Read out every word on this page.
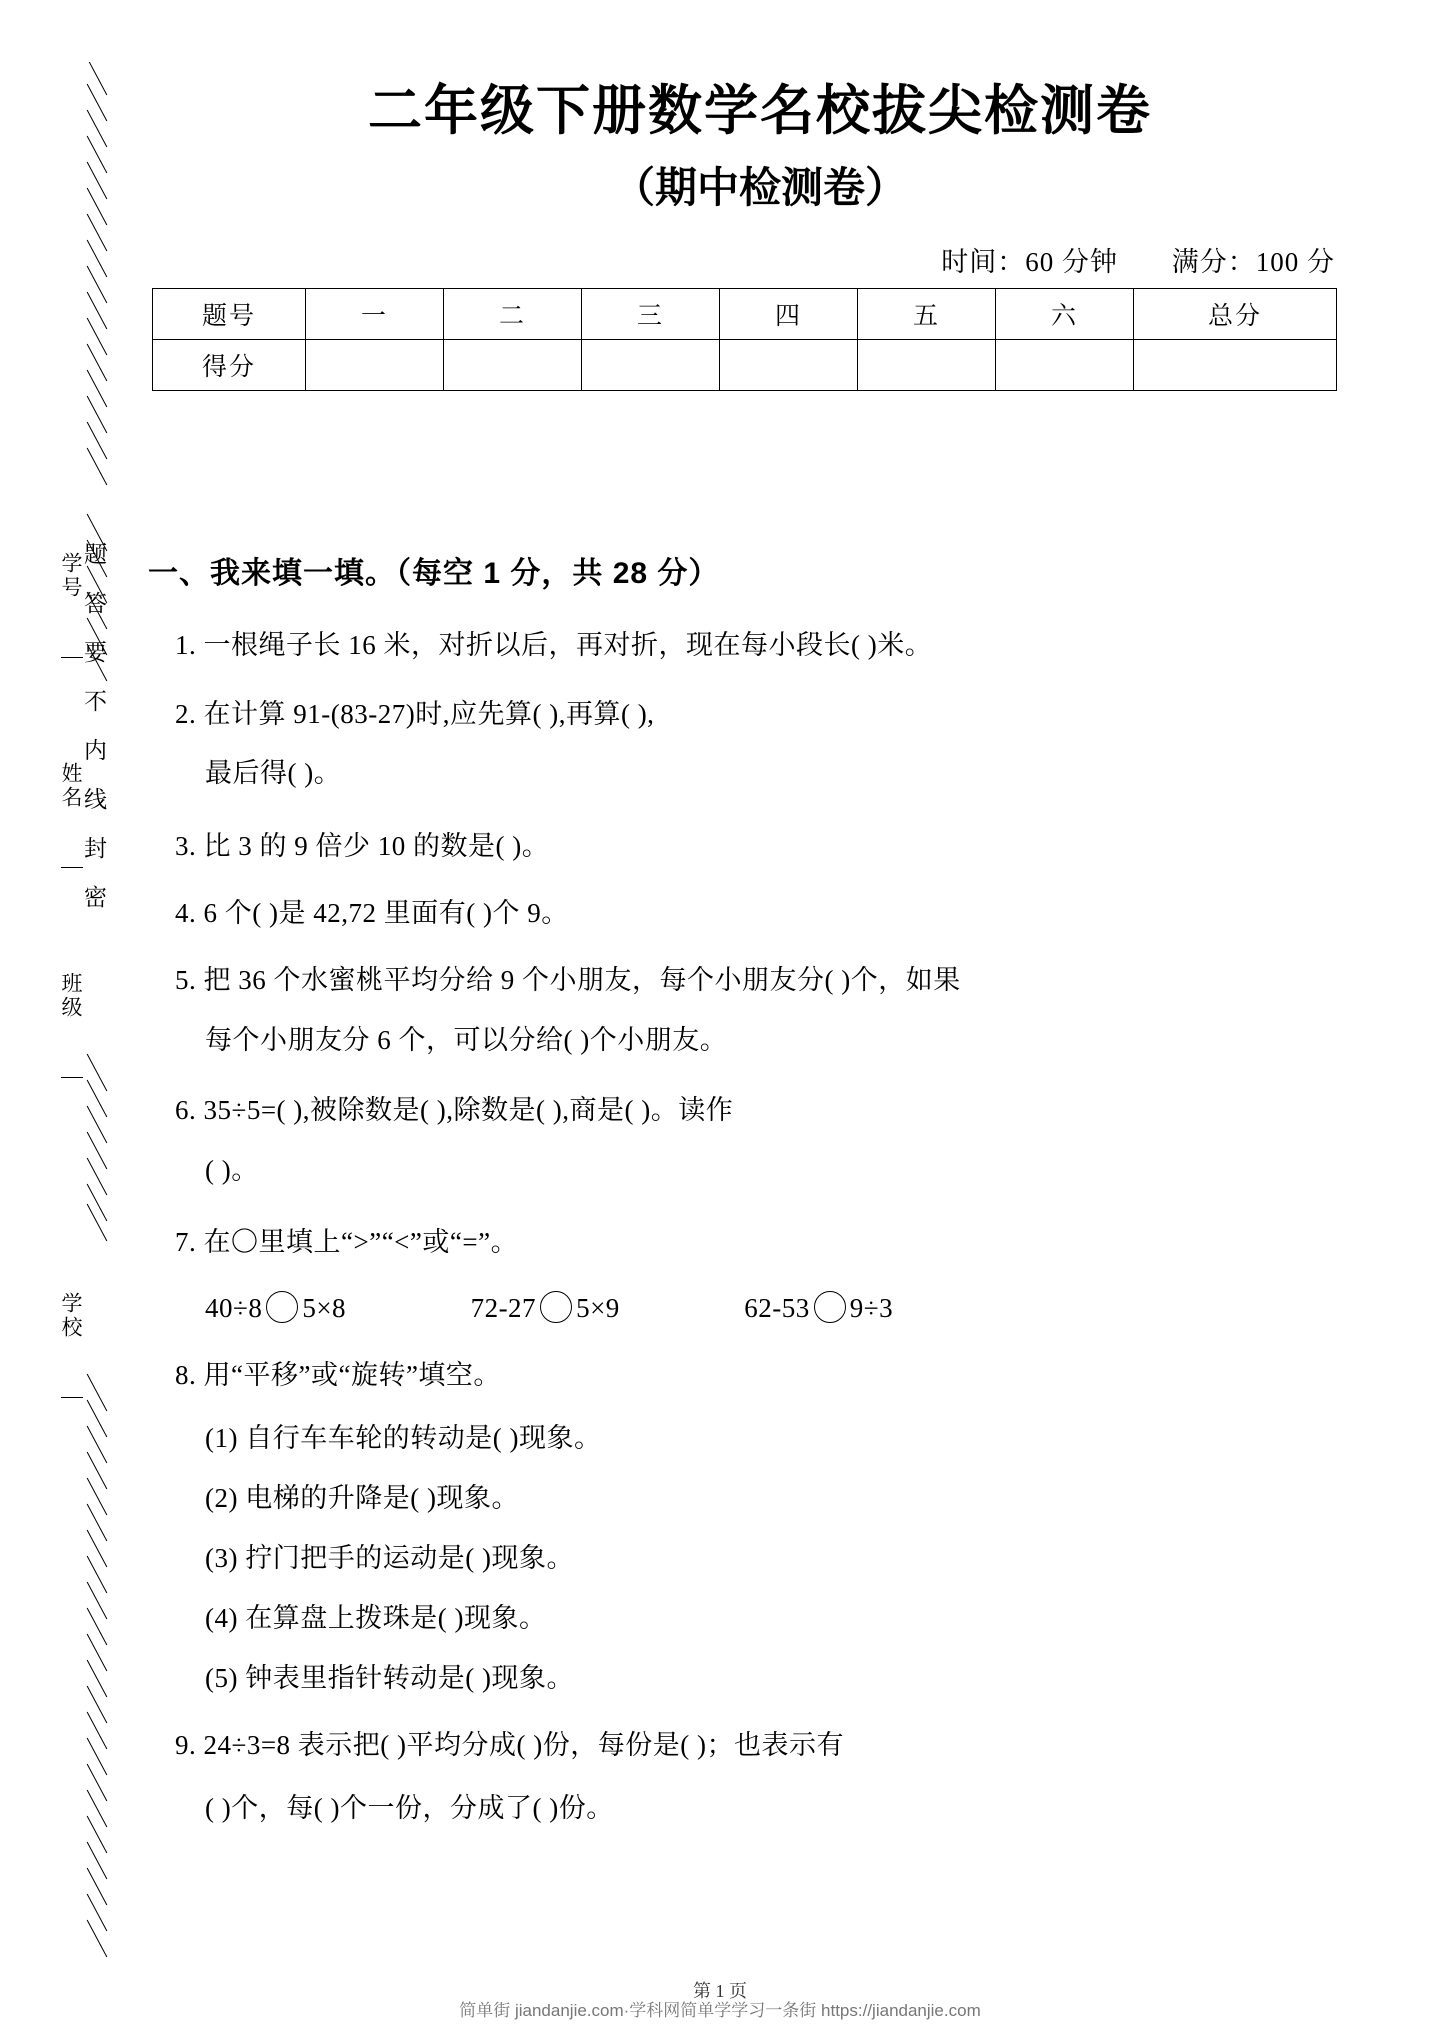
学号
姓名
班级
学校
题答要不内线封密
二年级下册数学名校拔尖检测卷
（期中检测卷）
时间：60 分钟 满分：100 分
题号	一	二	三	四	五	六	总分
得分							
一、我来填一填。（每空 1 分，共 28 分）
1. 一根绳子长 16 米，对折以后，再对折，现在每小段长( )米。
2. 在计算 91-(83-27)时,应先算( ),再算( ),
最后得( )。
3. 比 3 的 9 倍少 10 的数是( )。
4. 6 个( )是 42,72 里面有( )个 9。
5. 把 36 个水蜜桃平均分给 9 个小朋友，每个小朋友分( )个，如果
每个小朋友分 6 个，可以分给( )个小朋友。
6. 35÷5=( ),被除数是( ),除数是( ),商是( )。读作
( )。
7. 在〇里填上“>”“<”或“=”。
40÷8 5×8	72-27 5×9	62-53 9÷3
8. 用“平移”或“旋转”填空。
(1) 自行车车轮的转动是( )现象。
(2) 电梯的升降是( )现象。
(3) 拧门把手的运动是( )现象。
(4) 在算盘上拨珠是( )现象。
(5) 钟表里指针转动是( )现象。
9. 24÷3=8 表示把( )平均分成( )份，每份是( )；也表示有
( )个，每( )个一份，分成了( )份。
第 1 页
简单街 jiandanjie.com·学科网简单学学习一条街 https://jiandanjie.com
